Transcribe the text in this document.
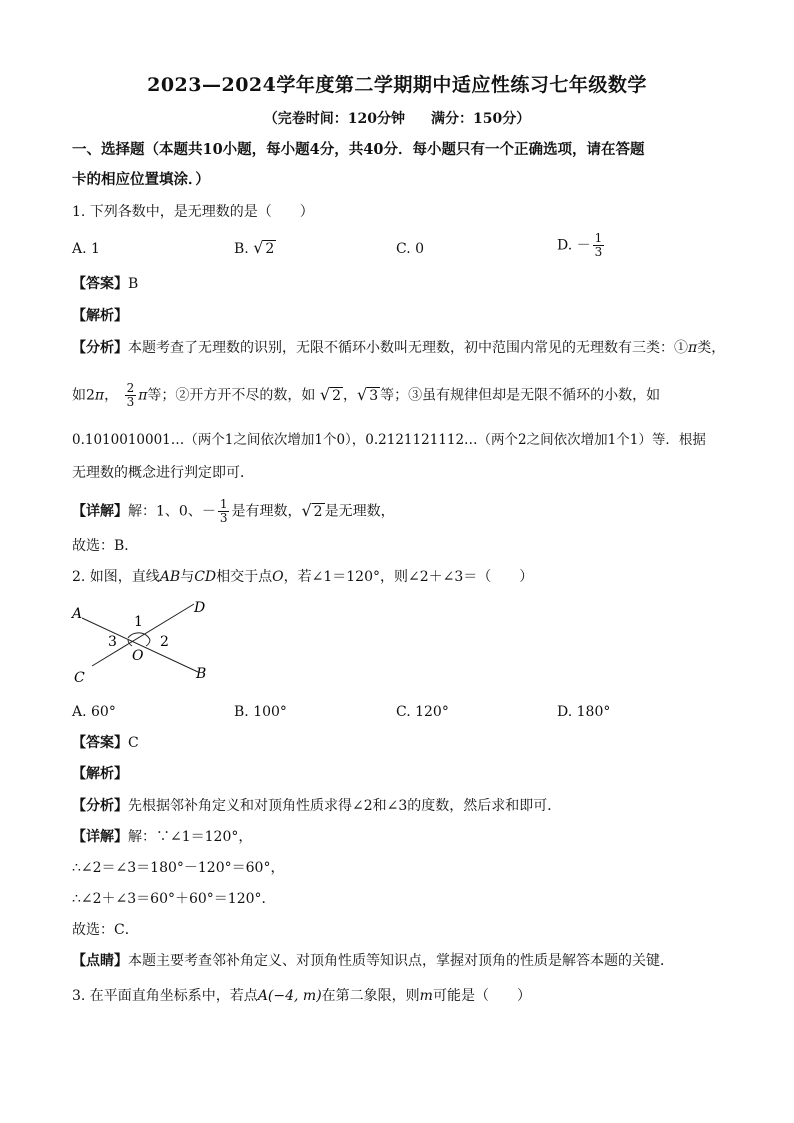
2023—2024学年度第二学期期中适应性练习七年级数学
（完卷时间：120分钟 满分：150分）
一、选择题（本题共10小题，每小题4分，共40分．每小题只有一个正确选项，请在答题
卡的相应位置填涂．）
1. 下列各数中，是无理数的是（　　）
A. 1	B. √ 2	C. 0	D. － $\frac{1}{3}$
【答案】B
【解析】
【分析】本题考查了无理数的识别，无限不循环小数叫无理数，初中范围内常见的无理数有三类：①π类，
如2π， $\frac{2}{3}$ π等；②开方开不尽的数，如 √ 2 ，√ 3 等；③虽有规律但却是无限不循环的小数，如
0.1010010001…（两个1之间依次增加1个0），0.2121121112…（两个2之间依次增加1个1）等．根据
无理数的概念进行判定即可．
【详解】解：1、0、－ $\frac{1}{3}$ 是有理数，√ 2 是无理数，
故选：B．
2. 如图，直线AB与CD相交于点O，若∠1＝120°，则∠2＋∠3＝（　　）
A	D
C	B
O
1
2
3
A. 60°	B. 100°	C. 120°	D. 180°
【答案】C
【解析】
【分析】先根据邻补角定义和对顶角性质求得∠2和∠3的度数，然后求和即可．
【详解】解：∵∠1＝120°，
∴∠2＝∠3＝180°－120°＝60°，
∴∠2＋∠3＝60°＋60°＝120°．
故选：C．
【点睛】本题主要考查邻补角定义、对顶角性质等知识点，掌握对顶角的性质是解答本题的关键．
3. 在平面直角坐标系中，若点A(−4, m)在第二象限，则m可能是（　　）
